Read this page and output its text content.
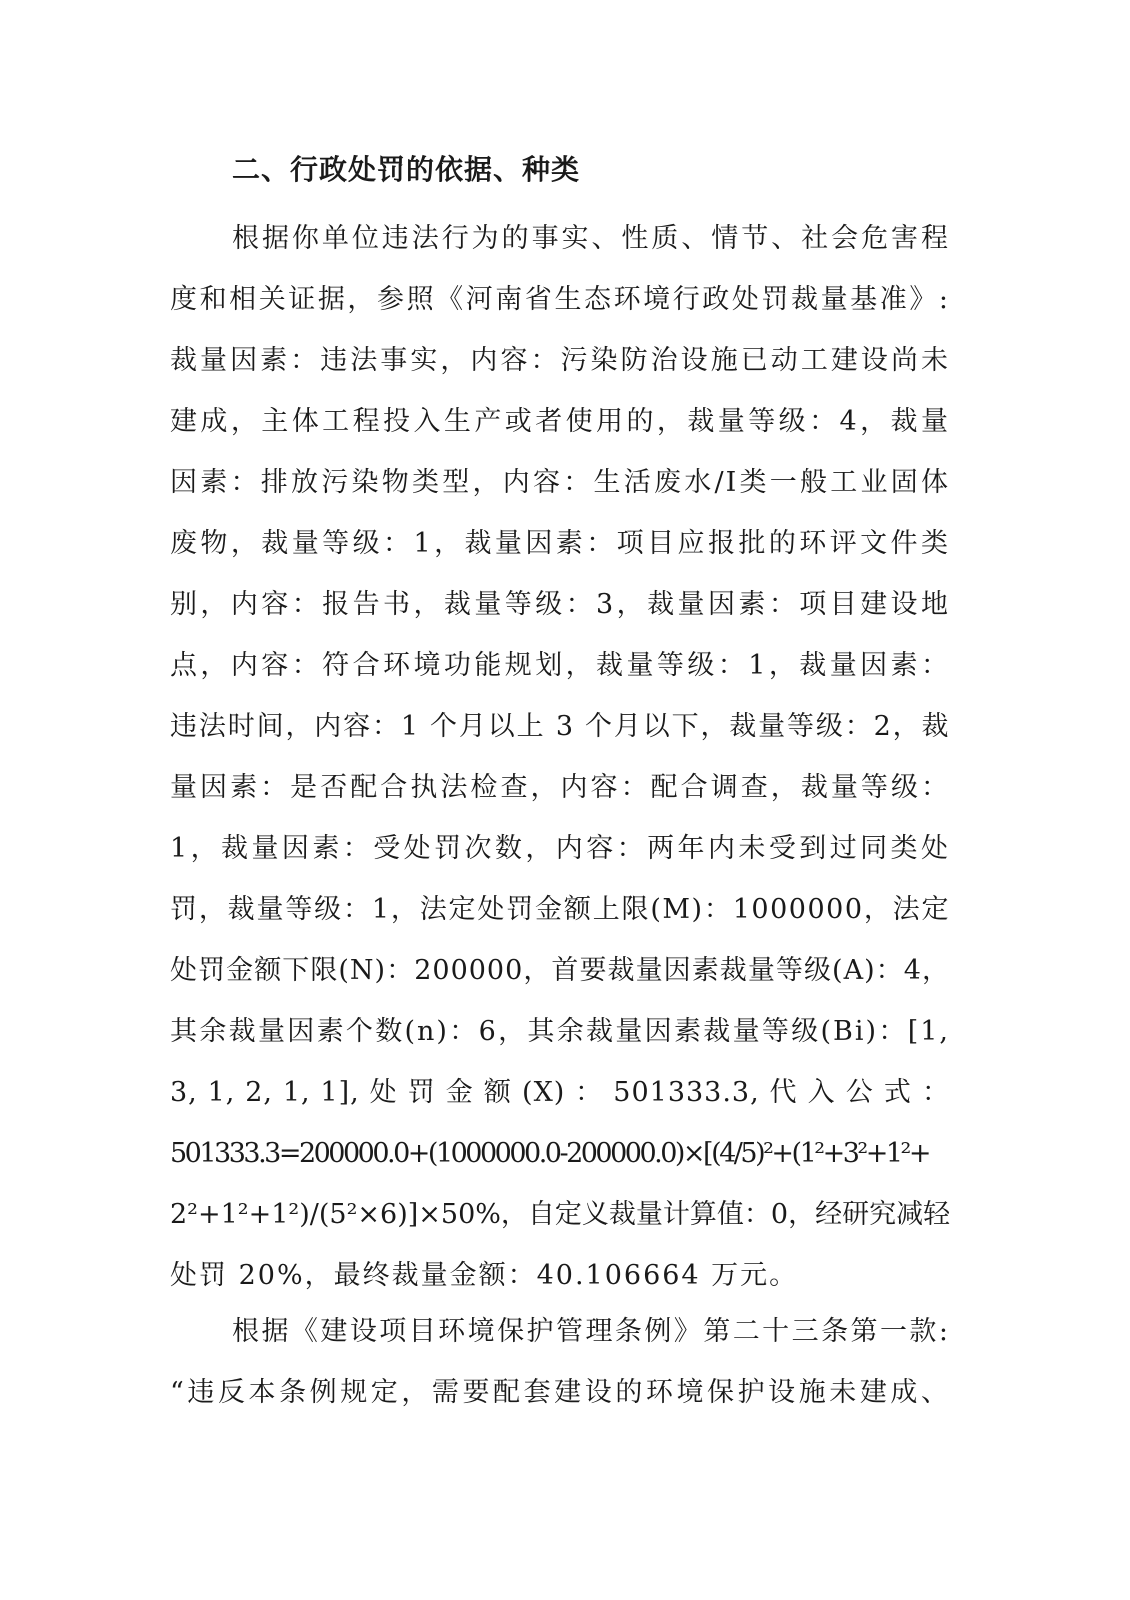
二、行政处罚的依据、种类
根据你单位违法行为的事实、性质、情节、社会危害程
度和相关证据，参照《河南省生态环境行政处罚裁量基准》:
裁量因素：违法事实，内容：污染防治设施已动工建设尚未
建成，主体工程投入生产或者使用的，裁量等级：4，裁量
因素：排放污染物类型，内容：生活废水/I类一般工业固体
废物，裁量等级：1，裁量因素：项目应报批的环评文件类
别，内容：报告书，裁量等级：3，裁量因素：项目建设地
点，内容：符合环境功能规划，裁量等级：1，裁量因素：
违法时间，内容：1 个月以上 3 个月以下，裁量等级：2，裁
量因素：是否配合执法检查，内容：配合调查，裁量等级：
1，裁量因素：受处罚次数，内容：两年内未受到过同类处
罚，裁量等级：1，法定处罚金额上限(M)：1000000，法定
处罚金额下限(N)：200000，首要裁量因素裁量等级(A)：4，
其余裁量因素个数(n)：6，其余裁量因素裁量等级(Bi)：[1,
3, 1, 2, 1, 1], 处 罚 金 额 (X) ： 501333.3, 代 入 公 式 ：
501333.3=200000.0+(1000000.0-200000.0)×[(4/5)²+(1²+3²+1²+
2²+1²+1²)/(5²×6)]×50%，自定义裁量计算值：0，经研究减轻
处罚 20%，最终裁量金额：40.106664 万元。
根据《建设项目环境保护管理条例》第二十三条第一款:
“违反本条例规定，需要配套建设的环境保护设施未建成、
